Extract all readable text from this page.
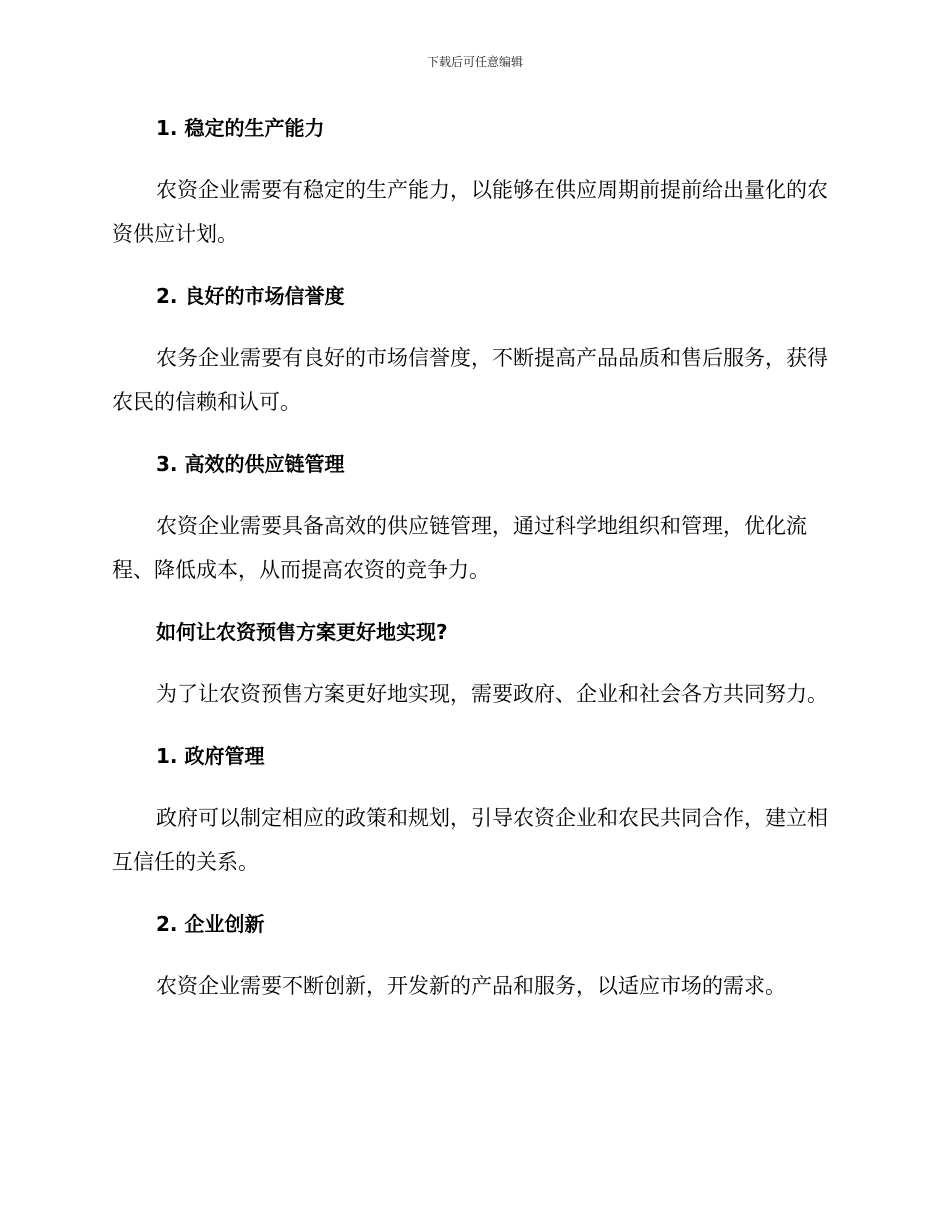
下载后可任意编辑
1. 稳定的生产能力
农资企业需要有稳定的生产能力，以能够在供应周期前提前给出量化的农资供应计划。
2. 良好的市场信誉度
农务企业需要有良好的市场信誉度，不断提高产品品质和售后服务，获得农民的信赖和认可。
3. 高效的供应链管理
农资企业需要具备高效的供应链管理，通过科学地组织和管理，优化流程、降低成本，从而提高农资的竞争力。
如何让农资预售方案更好地实现?
为了让农资预售方案更好地实现，需要政府、企业和社会各方共同努力。
1. 政府管理
政府可以制定相应的政策和规划，引导农资企业和农民共同合作，建立相互信任的关系。
2. 企业创新
农资企业需要不断创新，开发新的产品和服务，以适应市场的需求。
